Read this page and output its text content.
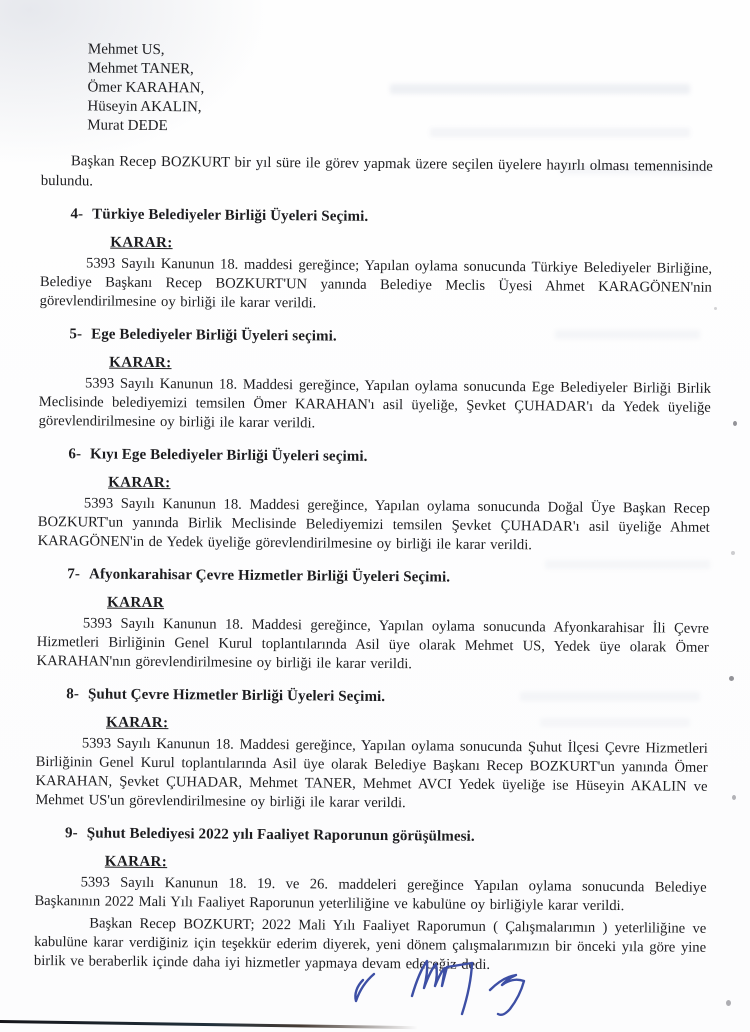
Mehmet US,
Mehmet TANER,
Ömer KARAHAN,
Hüseyin AKALIN,
Murat DEDE

Başkan Recep BOZKURT bir yıl süre ile görev yapmak üzere seçilen üyelere hayırlı olması temennisinde bulundu.

4- Türkiye Belediyeler Birliği Üyeleri Seçimi.

KARAR:

5393 Sayılı Kanunun 18. maddesi gereğince; Yapılan oylama sonucunda Türkiye Belediyeler Birliğine, Belediye Başkanı Recep BOZKURT'UN yanında Belediye Meclis Üyesi Ahmet KARAGÖNEN'nin görevlendirilmesine oy birliği ile karar verildi.

5- Ege Belediyeler Birliği Üyeleri seçimi.

KARAR:

5393 Sayılı Kanunun 18. Maddesi gereğince, Yapılan oylama sonucunda Ege Belediyeler Birliği Birlik Meclisinde belediyemizi temsilen Ömer KARAHAN'ı asil üyeliğe, Şevket ÇUHADAR'ı da Yedek üyeliğe görevlendirilmesine oy birliği ile karar verildi.

6- Kıyı Ege Belediyeler Birliği Üyeleri seçimi.

KARAR:

5393 Sayılı Kanunun 18. Maddesi gereğince, Yapılan oylama sonucunda Doğal Üye Başkan Recep BOZKURT'un yanında Birlik Meclisinde Belediyemizi temsilen Şevket ÇUHADAR'ı asil üyeliğe Ahmet KARAGÖNEN'in de Yedek üyeliğe görevlendirilmesine oy birliği ile karar verildi.

7- Afyonkarahisar Çevre Hizmetler Birliği Üyeleri Seçimi.

KARAR

5393 Sayılı Kanunun 18. Maddesi gereğince, Yapılan oylama sonucunda Afyonkarahisar İli Çevre Hizmetleri Birliğinin Genel Kurul toplantılarında Asil üye olarak Mehmet US, Yedek üye olarak Ömer KARAHAN'nın görevlendirilmesine oy birliği ile karar verildi.

8- Şuhut Çevre Hizmetler Birliği Üyeleri Seçimi.

KARAR:

5393 Sayılı Kanunun 18. Maddesi gereğince, Yapılan oylama sonucunda Şuhut İlçesi Çevre Hizmetleri Birliğinin Genel Kurul toplantılarında Asil üye olarak Belediye Başkanı Recep BOZKURT'un yanında Ömer KARAHAN, Şevket ÇUHADAR, Mehmet TANER, Mehmet AVCI Yedek üyeliğe ise Hüseyin AKALIN ve Mehmet US'un görevlendirilmesine oy birliği ile karar verildi.

9- Şuhut Belediyesi 2022 yılı Faaliyet Raporunun görüşülmesi.

KARAR:

5393 Sayılı Kanunun 18. 19. ve 26. maddeleri gereğince Yapılan oylama sonucunda Belediye Başkanının 2022 Mali Yılı Faaliyet Raporunun yeterliliğine ve kabulüne oy birliğiyle karar verildi.

Başkan Recep BOZKURT; 2022 Mali Yılı Faaliyet Raporumun ( Çalışmalarımın ) yeterliliğine ve kabulüne karar verdiğiniz için teşekkür ederim diyerek, yeni dönem çalışmalarımızın bir önceki yıla göre yine birlik ve beraberlik içinde daha iyi hizmetler yapmaya devam edeceğiz dedi.
